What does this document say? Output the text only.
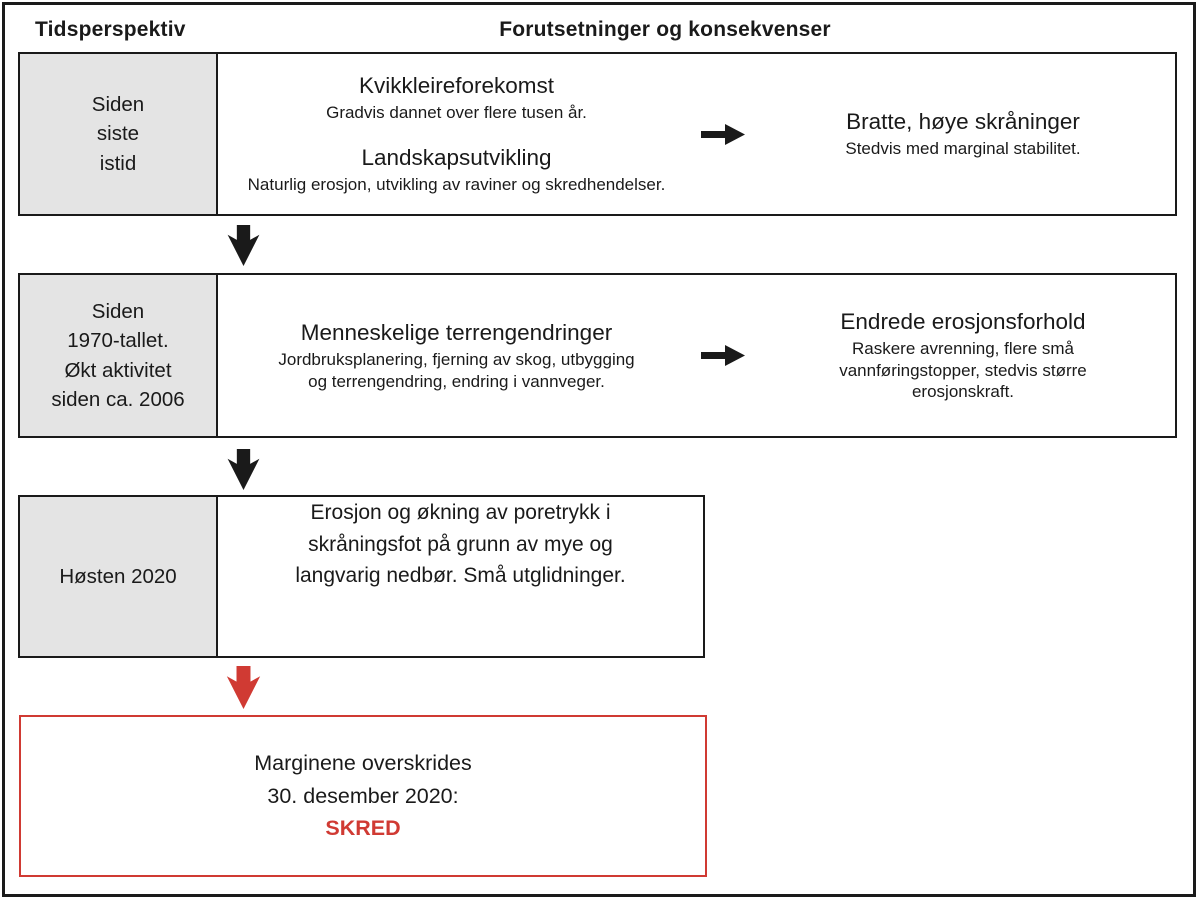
Tidsperspektiv	Forutsetninger og konsekvenser
Siden
siste
istid
Kvikkleireforekomst
Gradvis dannet over flere tusen år.
Landskapsutvikling
Naturlig erosjon, utvikling av raviner og skredhendelser.
Bratte, høye skråninger
Stedvis med marginal stabilitet.
Siden
1970-tallet.
Økt aktivitet
siden ca. 2006
Menneskelige terrengendringer
Jordbruksplanering, fjerning av skog, utbygging
og terrengendring, endring i vannveger.
Endrede erosjonsforhold
Raskere avrenning, flere små
vannføringstopper, stedvis større
erosjonskraft.
Høsten 2020
Erosjon og økning av poretrykk i
skråningsfot på grunn av mye og
langvarig nedbør. Små utglidninger.
Marginene overskrides
30. desember 2020:
SKRED
